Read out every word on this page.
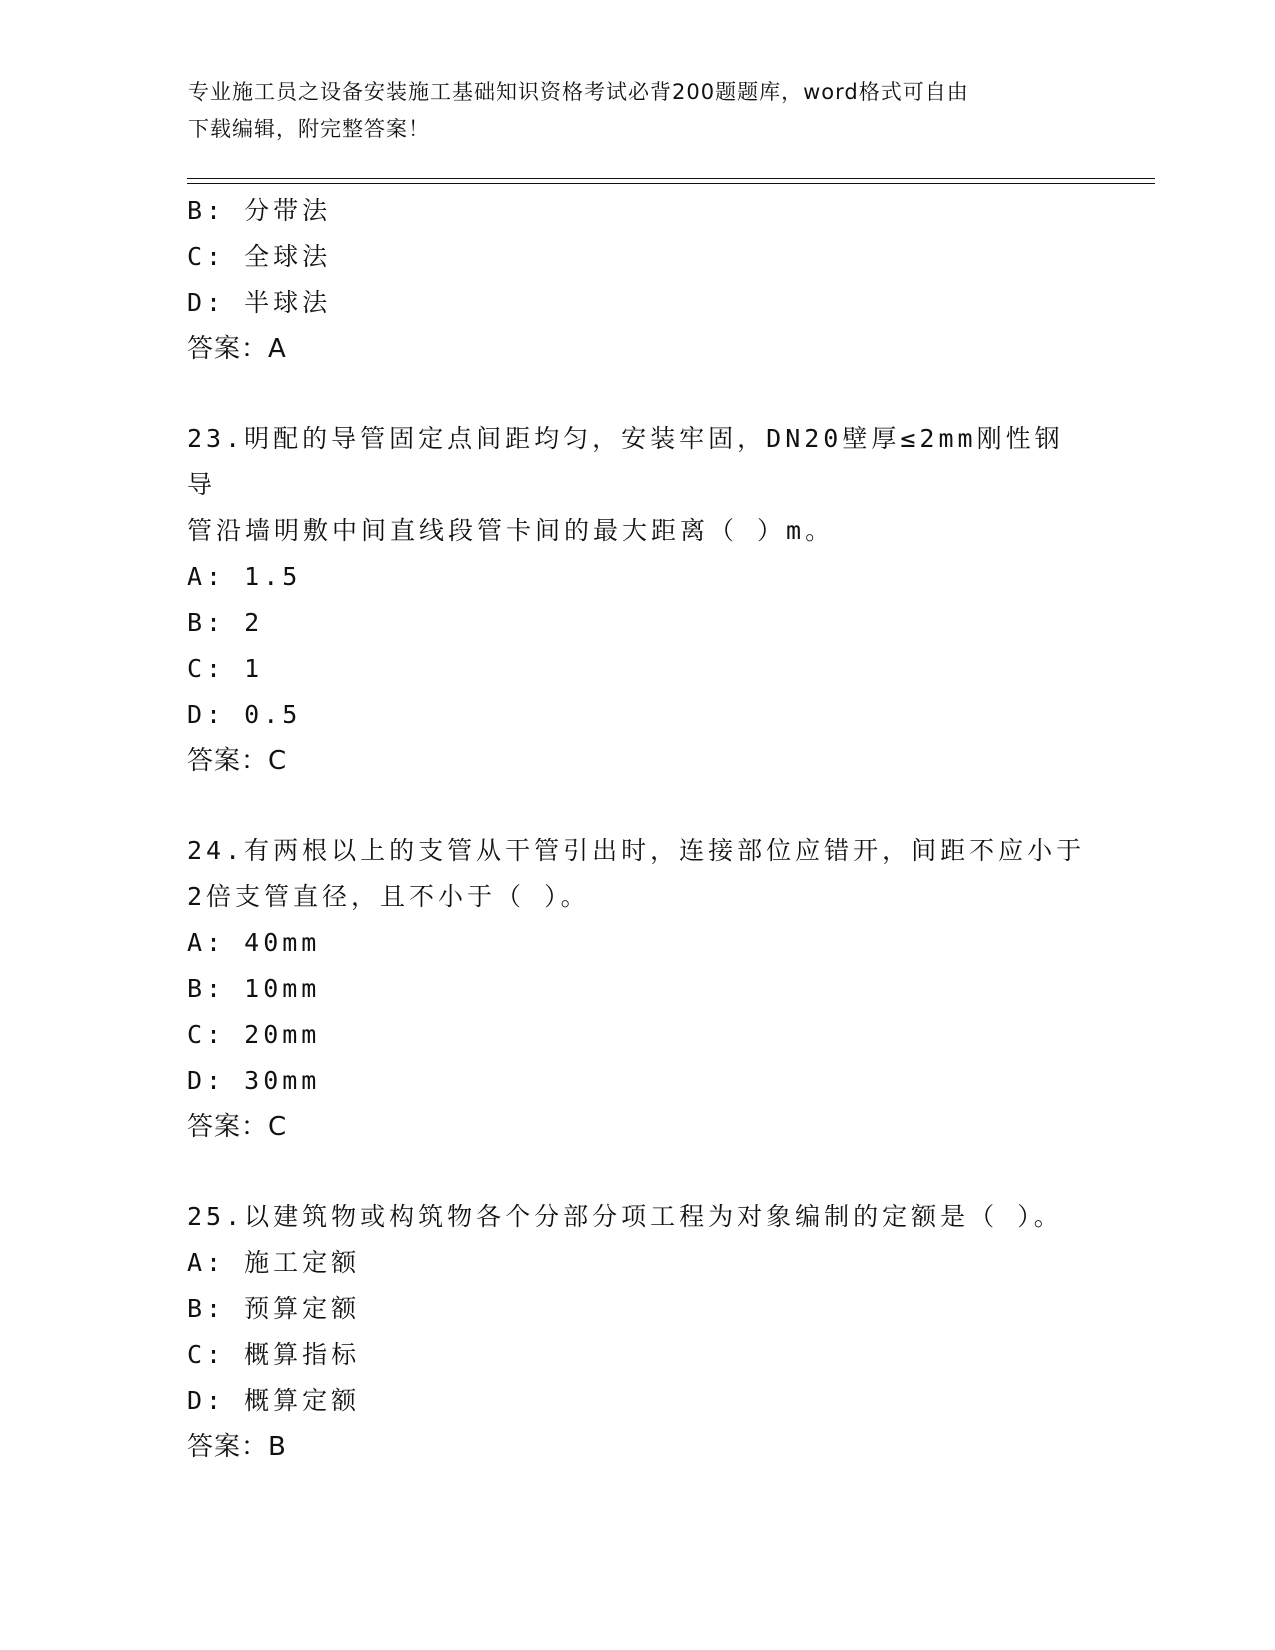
专业施工员之设备安装施工基础知识资格考试必背200题题库，word格式可自由
下载编辑，附完整答案！
B: 分带法
C: 全球法
D: 半球法
答案：A
23.明配的导管固定点间距均匀，安装牢固，DN20壁厚≤2mm刚性钢导
管沿墙明敷中间直线段管卡间的最大距离（ ）m。
A: 1.5
B: 2
C: 1
D: 0.5
答案：C
24.有两根以上的支管从干管引出时，连接部位应错开，间距不应小于
2倍支管直径，且不小于（ ）。
A: 40mm
B: 10mm
C: 20mm
D: 30mm
答案：C
25.以建筑物或构筑物各个分部分项工程为对象编制的定额是（ ）。
A: 施工定额
B: 预算定额
C: 概算指标
D: 概算定额
答案：B
